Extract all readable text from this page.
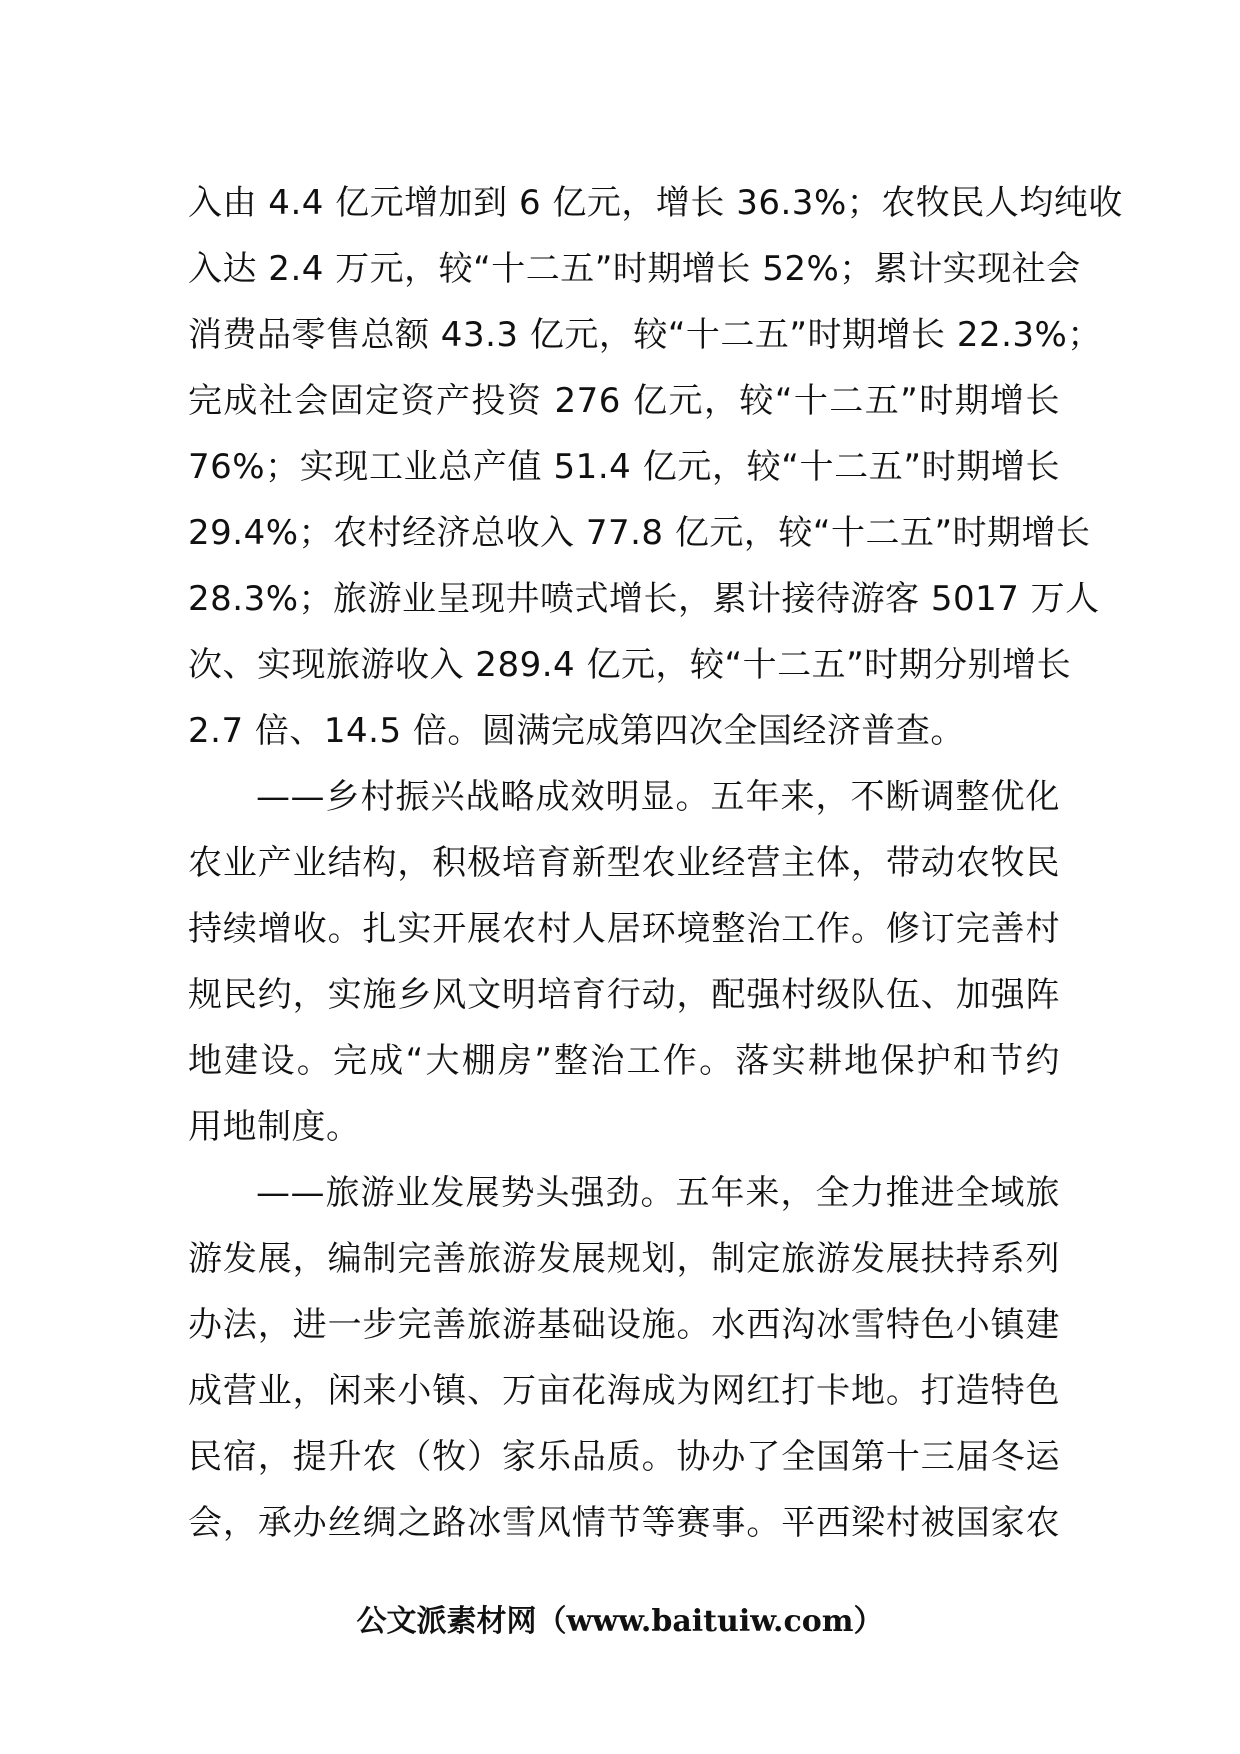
入由 4.4 亿元增加到 6 亿元，增长 36.3%；农牧民人均纯收
入达 2.4 万元，较“十二五”时期增长 52%；累计实现社会
消费品零售总额 43.3 亿元，较“十二五”时期增长 22.3%；
完成社会固定资产投资 276 亿元，较“十二五”时期增长
76%；实现工业总产值 51.4 亿元，较“十二五”时期增长
29.4%；农村经济总收入 77.8 亿元，较“十二五”时期增长
28.3%；旅游业呈现井喷式增长，累计接待游客 5017 万人
次、实现旅游收入 289.4 亿元，较“十二五”时期分别增长
2.7 倍、14.5 倍。圆满完成第四次全国经济普查。
——乡村振兴战略成效明显。五年来，不断调整优化
农业产业结构，积极培育新型农业经营主体，带动农牧民
持续增收。扎实开展农村人居环境整治工作。修订完善村
规民约，实施乡风文明培育行动，配强村级队伍、加强阵
地建设。完成“大棚房”整治工作。落实耕地保护和节约
用地制度。
——旅游业发展势头强劲。五年来，全力推进全域旅
游发展，编制完善旅游发展规划，制定旅游发展扶持系列
办法，进一步完善旅游基础设施。水西沟冰雪特色小镇建
成营业，闲来小镇、万亩花海成为网红打卡地。打造特色
民宿，提升农（牧）家乐品质。协办了全国第十三届冬运
会，承办丝绸之路冰雪风情节等赛事。平西梁村被国家农
公文派素材网（www.baituiw.com）
